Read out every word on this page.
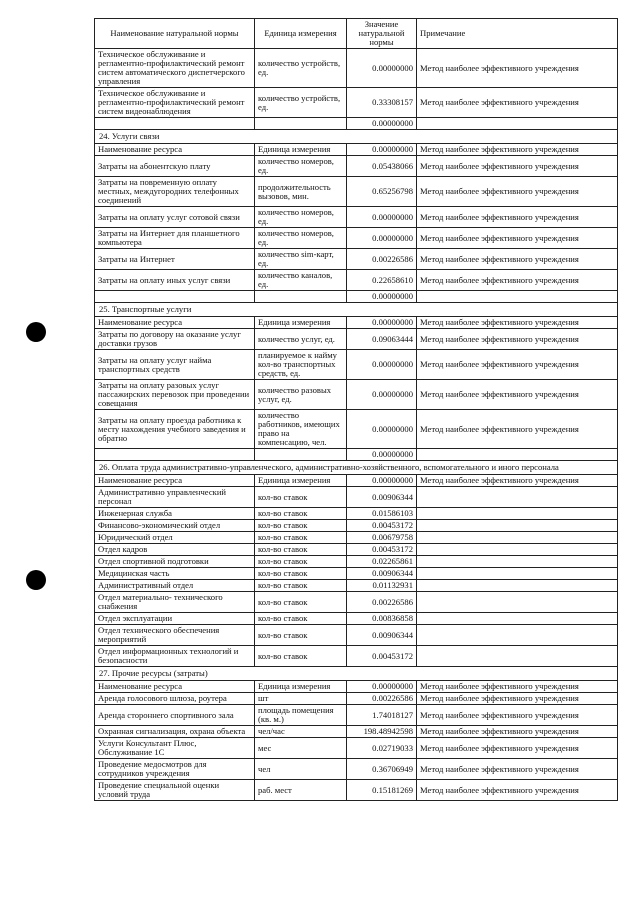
Наименование натуральной нормы	Единица измерения	Значение натуральной нормы	Примечание
Техническое обслуживание и регламентно-профилактический ремонт систем автоматического диспетчерского управления	количество устройств, ед.	0.00000000	Метод наиболее эффективного учреждения
Техническое обслуживание и регламентно-профилактический ремонт систем видеонаблюдения	количество устройств, ед.	0.33308157	Метод наиболее эффективного учреждения
		0.00000000	
24. Услуги связи			
Наименование ресурса	Единица измерения	0.00000000	Метод наиболее эффективного учреждения
Затраты на абонентскую плату	количество номеров, ед.	0.05438066	Метод наиболее эффективного учреждения
Затраты на повременную оплату местных, междугородних телефонных соединений	продолжительность вызовов, мин.	0.65256798	Метод наиболее эффективного учреждения
Затраты на оплату услуг сотовой связи	количество номеров, ед.	0.00000000	Метод наиболее эффективного учреждения
Затраты на Интернет для планшетного компьютера	количество номеров, ед.	0.00000000	Метод наиболее эффективного учреждения
Затраты на Интернет	количество sim-карт, ед.	0.00226586	Метод наиболее эффективного учреждения
Затраты на оплату иных услуг связи	количество каналов, ед.	0.22658610	Метод наиболее эффективного учреждения
		0.00000000	
25. Транспортные услуги			
Наименование ресурса	Единица измерения	0.00000000	Метод наиболее эффективного учреждения
Затраты по договору на оказание услуг доставки грузов	количество услуг, ед.	0.09063444	Метод наиболее эффективного учреждения
Затраты на оплату услуг найма транспортных средств	планируемое к найму кол-во транспортных средств, ед.	0.00000000	Метод наиболее эффективного учреждения
Затраты на оплату разовых услуг пассажирских перевозок при проведении совещания	количество разовых услуг, ед.	0.00000000	Метод наиболее эффективного учреждения
Затраты на оплату проезда работника к месту нахождения учебного заведения и обратно	количество работников, имеющих право на компенсацию, чел.	0.00000000	Метод наиболее эффективного учреждения
		0.00000000	
26. Оплата труда административно-управленческого, административно-хозяйственного, вспомогательного и иного персонала			
Наименование ресурса	Единица измерения	0.00000000	Метод наиболее эффективного учреждения
Административно управленческий персонал	кол-во ставок	0.00906344	
Инженерная служба	кол-во ставок	0.01586103	
Финансово-экономический отдел	кол-во ставок	0.00453172	
Юридический отдел	кол-во ставок	0.00679758	
Отдел кадров	кол-во ставок	0.00453172	
Отдел спортивной подготовки	кол-во ставок	0.02265861	
Медицинская часть	кол-во ставок	0.00906344	
Административный отдел	кол-во ставок	0.01132931	
Отдел материально- технического снабжения	кол-во ставок	0.00226586	
Отдел эксплуатации	кол-во ставок	0.00836858	
Отдел технического обеспечения мероприятий	кол-во ставок	0.00906344	
Отдел информационных технологий и безопасности	кол-во ставок	0.00453172	
27. Прочие ресурсы (затраты)			
Наименование ресурса	Единица измерения	0.00000000	Метод наиболее эффективного учреждения
Аренда голосового шлюза, роутера	шт	0.00226586	Метод наиболее эффективного учреждения
Аренда стороннего спортивного зала	площадь помещения (кв. м.)	1.74018127	Метод наиболее эффективного учреждения
Охранная сигнализация, охрана объекта	чел/час	198.48942598	Метод наиболее эффективного учреждения
Услуги Консультант Плюс, Обслуживание 1С	мес	0.02719033	Метод наиболее эффективного учреждения
Проведение медосмотров для сотрудников учреждения	чел	0.36706949	Метод наиболее эффективного учреждения
Проведение специальной оценки условий труда	раб. мест	0.15181269	Метод наиболее эффективного учреждения
